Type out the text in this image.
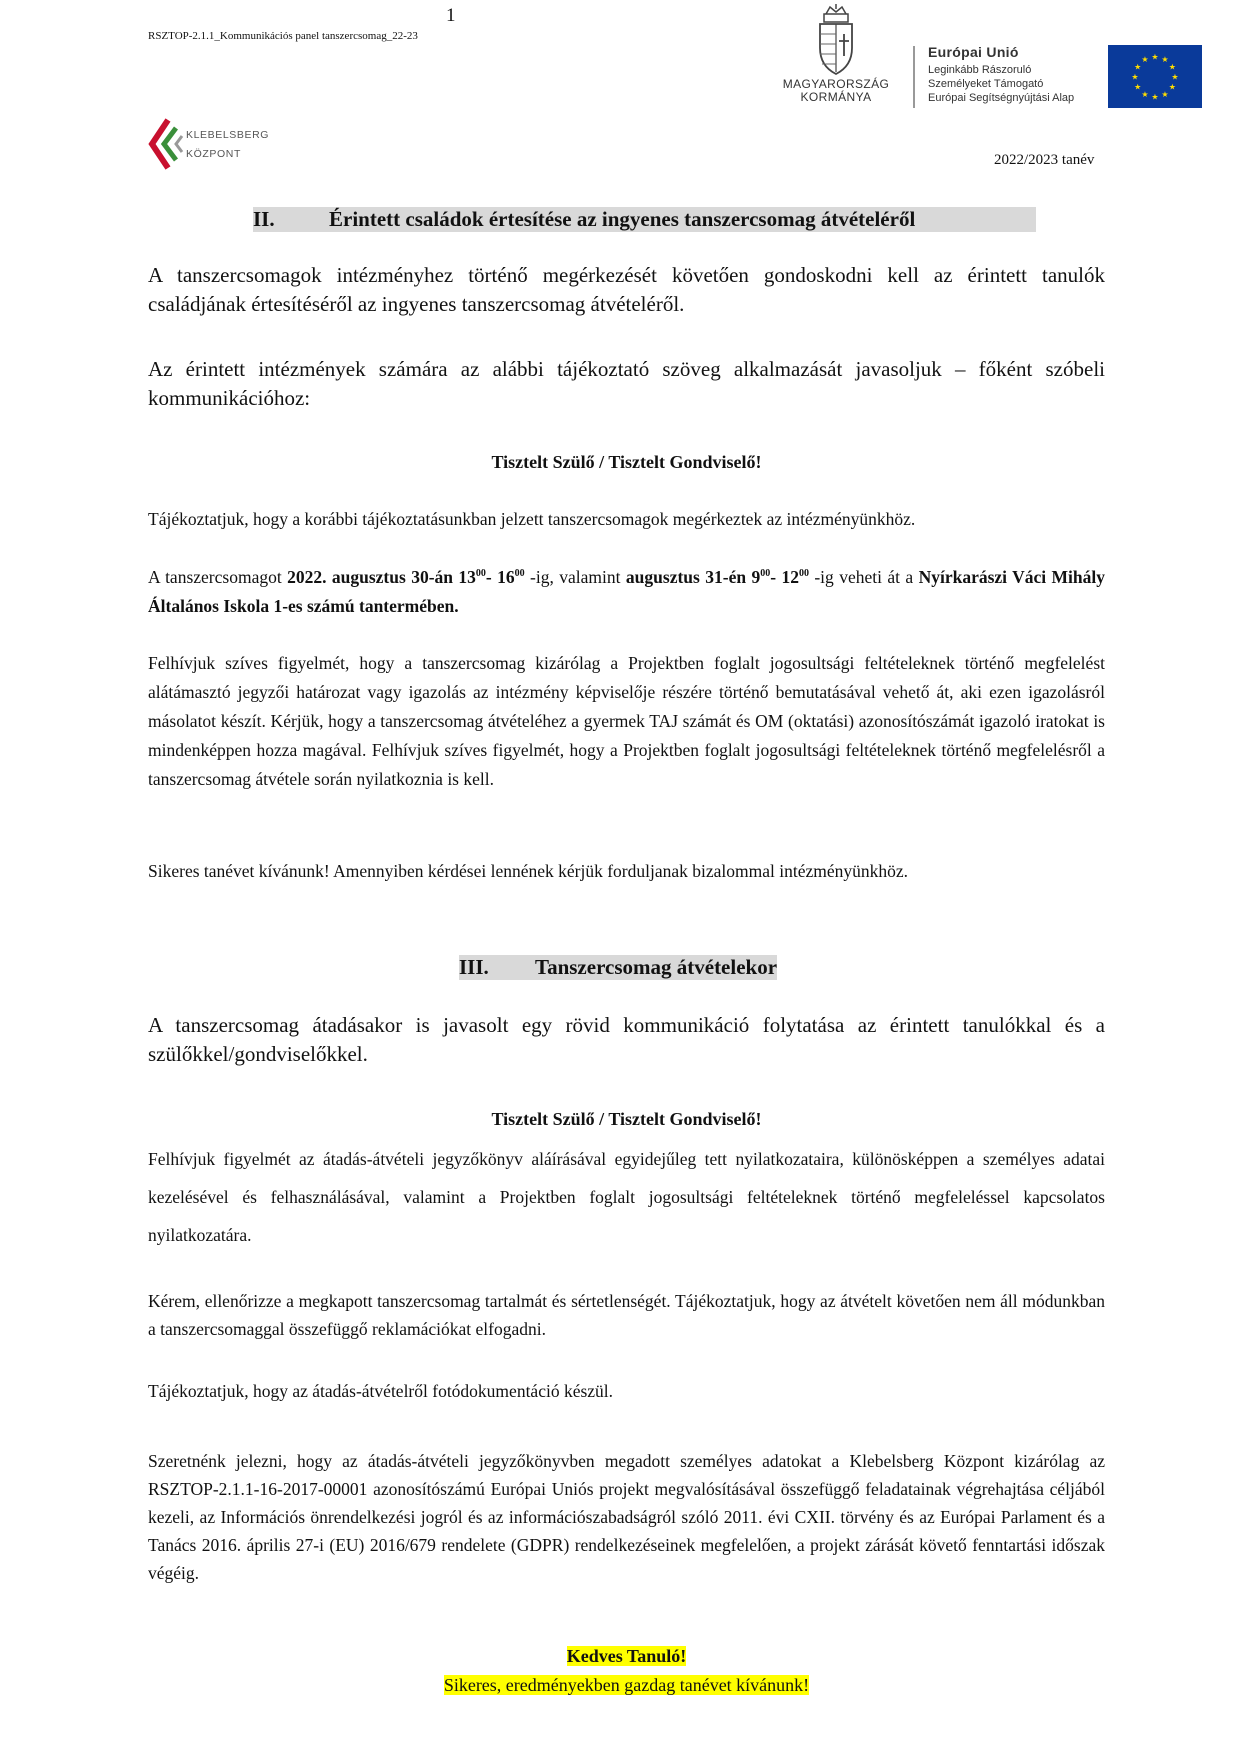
RSZTOP-2.1.1_Kommunikációs panel tanszercsomag_22-23
1
KLEBELSBERG
KÖZPONT
MAGYARORSZÁG
KORMÁNYA
Európai Unió
Leginkább Rászoruló
Személyeket Támogató
Európai Segítségnyújtási Alap
★ ★
★
★
★
★
★
★
★
★
★
★
2022/2023 tanév
II.	Érintett családok értesítése az ingyenes tanszercsomag átvételéről
A tanszercsomagok intézményhez történő megérkezését követően gondoskodni kell az érintett tanulók családjának értesítéséről az ingyenes tanszercsomag átvételéről.
Az érintett intézmények számára az alábbi tájékoztató szöveg alkalmazását javasoljuk – főként szóbeli kommunikációhoz:
Tisztelt Szülő / Tisztelt Gondviselő!
Tájékoztatjuk, hogy a korábbi tájékoztatásunkban jelzett tanszercsomagok megérkeztek az intézményünkhöz.
A tanszercsomagot 2022. augusztus 30-án $13^{00}-$ $16^{00}$ -ig, valamint augusztus 31-én $9^{00}-$ $12^{00}$ -ig veheti át a Nyírkarászi Váci Mihály Általános Iskola 1-es számú tantermében.
Felhívjuk szíves figyelmét, hogy a tanszercsomag kizárólag a Projektben foglalt jogosultsági feltételeknek történő megfelelést alátámasztó jegyzői határozat vagy igazolás az intézmény képviselője részére történő bemutatásával vehető át, aki ezen igazolásról másolatot készít. Kérjük, hogy a tanszercsomag átvételéhez a gyermek TAJ számát és OM (oktatási) azonosítószámát igazoló iratokat is mindenképpen hozza magával. Felhívjuk szíves figyelmét, hogy a Projektben foglalt jogosultsági feltételeknek történő megfelelésről a tanszercsomag átvétele során nyilatkoznia is kell.
Sikeres tanévet kívánunk! Amennyiben kérdései lennének kérjük forduljanak bizalommal intézményünkhöz.
III. Tanszercsomag átvételekor
A tanszercsomag átadásakor is javasolt egy rövid kommunikáció folytatása az érintett tanulókkal és a szülőkkel/gondviselőkkel.
Tisztelt Szülő / Tisztelt Gondviselő!
Felhívjuk figyelmét az átadás-átvételi jegyzőkönyv aláírásával egyidejűleg tett nyilatkozataira, különösképpen a személyes adatai kezelésével és felhasználásával, valamint a Projektben foglalt jogosultsági feltételeknek történő megfeleléssel kapcsolatos nyilatkozatára.
Kérem, ellenőrizze a megkapott tanszercsomag tartalmát és sértetlenségét. Tájékoztatjuk, hogy az átvételt követően nem áll módunkban a tanszercsomaggal összefüggő reklamációkat elfogadni.
Tájékoztatjuk, hogy az átadás-átvételről fotódokumentáció készül.
Szeretnénk jelezni, hogy az átadás-átvételi jegyzőkönyvben megadott személyes adatokat a Klebelsberg Központ kizárólag az RSZTOP-2.1.1-16-2017-00001 azonosítószámú Európai Uniós projekt megvalósításával összefüggő feladatainak végrehajtása céljából kezeli, az Információs önrendelkezési jogról és az információszabadságról szóló 2011. évi CXII. törvény és az Európai Parlament és a Tanács 2016. április 27-i (EU) 2016/679 rendelete (GDPR) rendelkezéseinek megfelelően, a projekt zárását követő fenntartási időszak végéig.
Kedves Tanuló!
Sikeres, eredményekben gazdag tanévet kívánunk!
